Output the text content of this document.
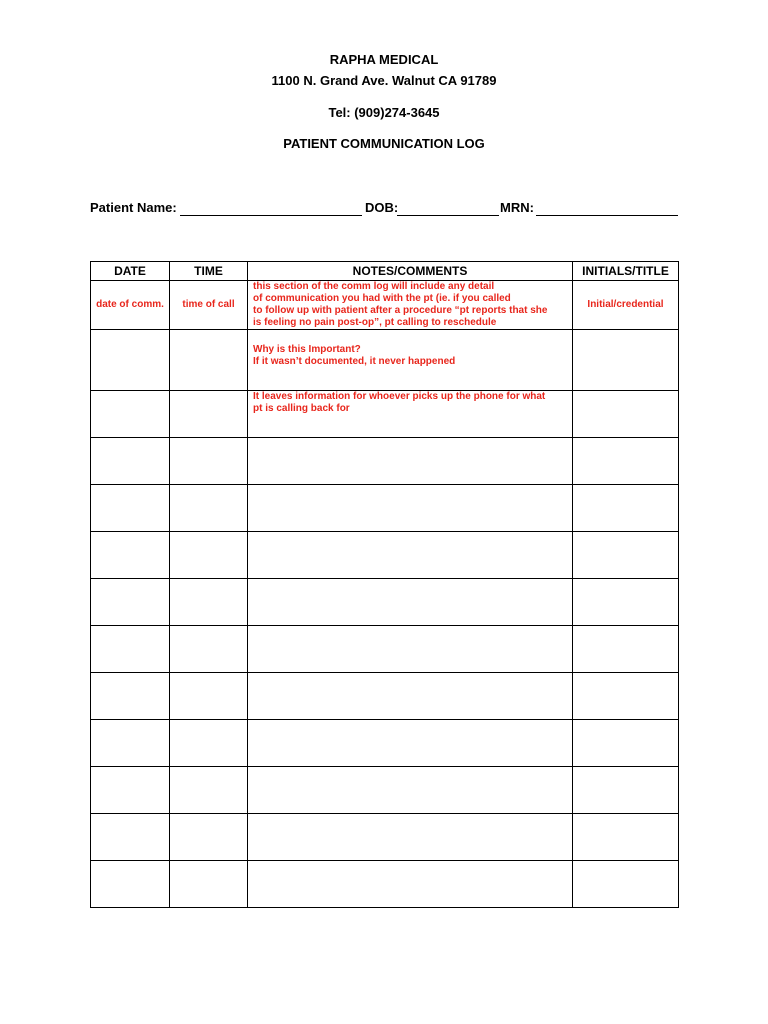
RAPHA MEDICAL
1100 N. Grand Ave. Walnut CA 91789
Tel: (909)274-3645
PATIENT COMMUNICATION LOG
Patient Name:	DOB:	MRN:
DATE	TIME	NOTES/COMMENTS	INITIALS/TITLE
date of comm.	time of call	this section of the comm log will include any detail
of communication you had with the pt (ie. if you called
to follow up with patient after a procedure “pt reports that she
is feeling no pain post-op”, pt calling to reschedule	Initial/credential

		Why is this Important?
If it wasn’t documented, it never happened	

		It leaves information for whoever picks up the phone for what
pt is calling back for	
